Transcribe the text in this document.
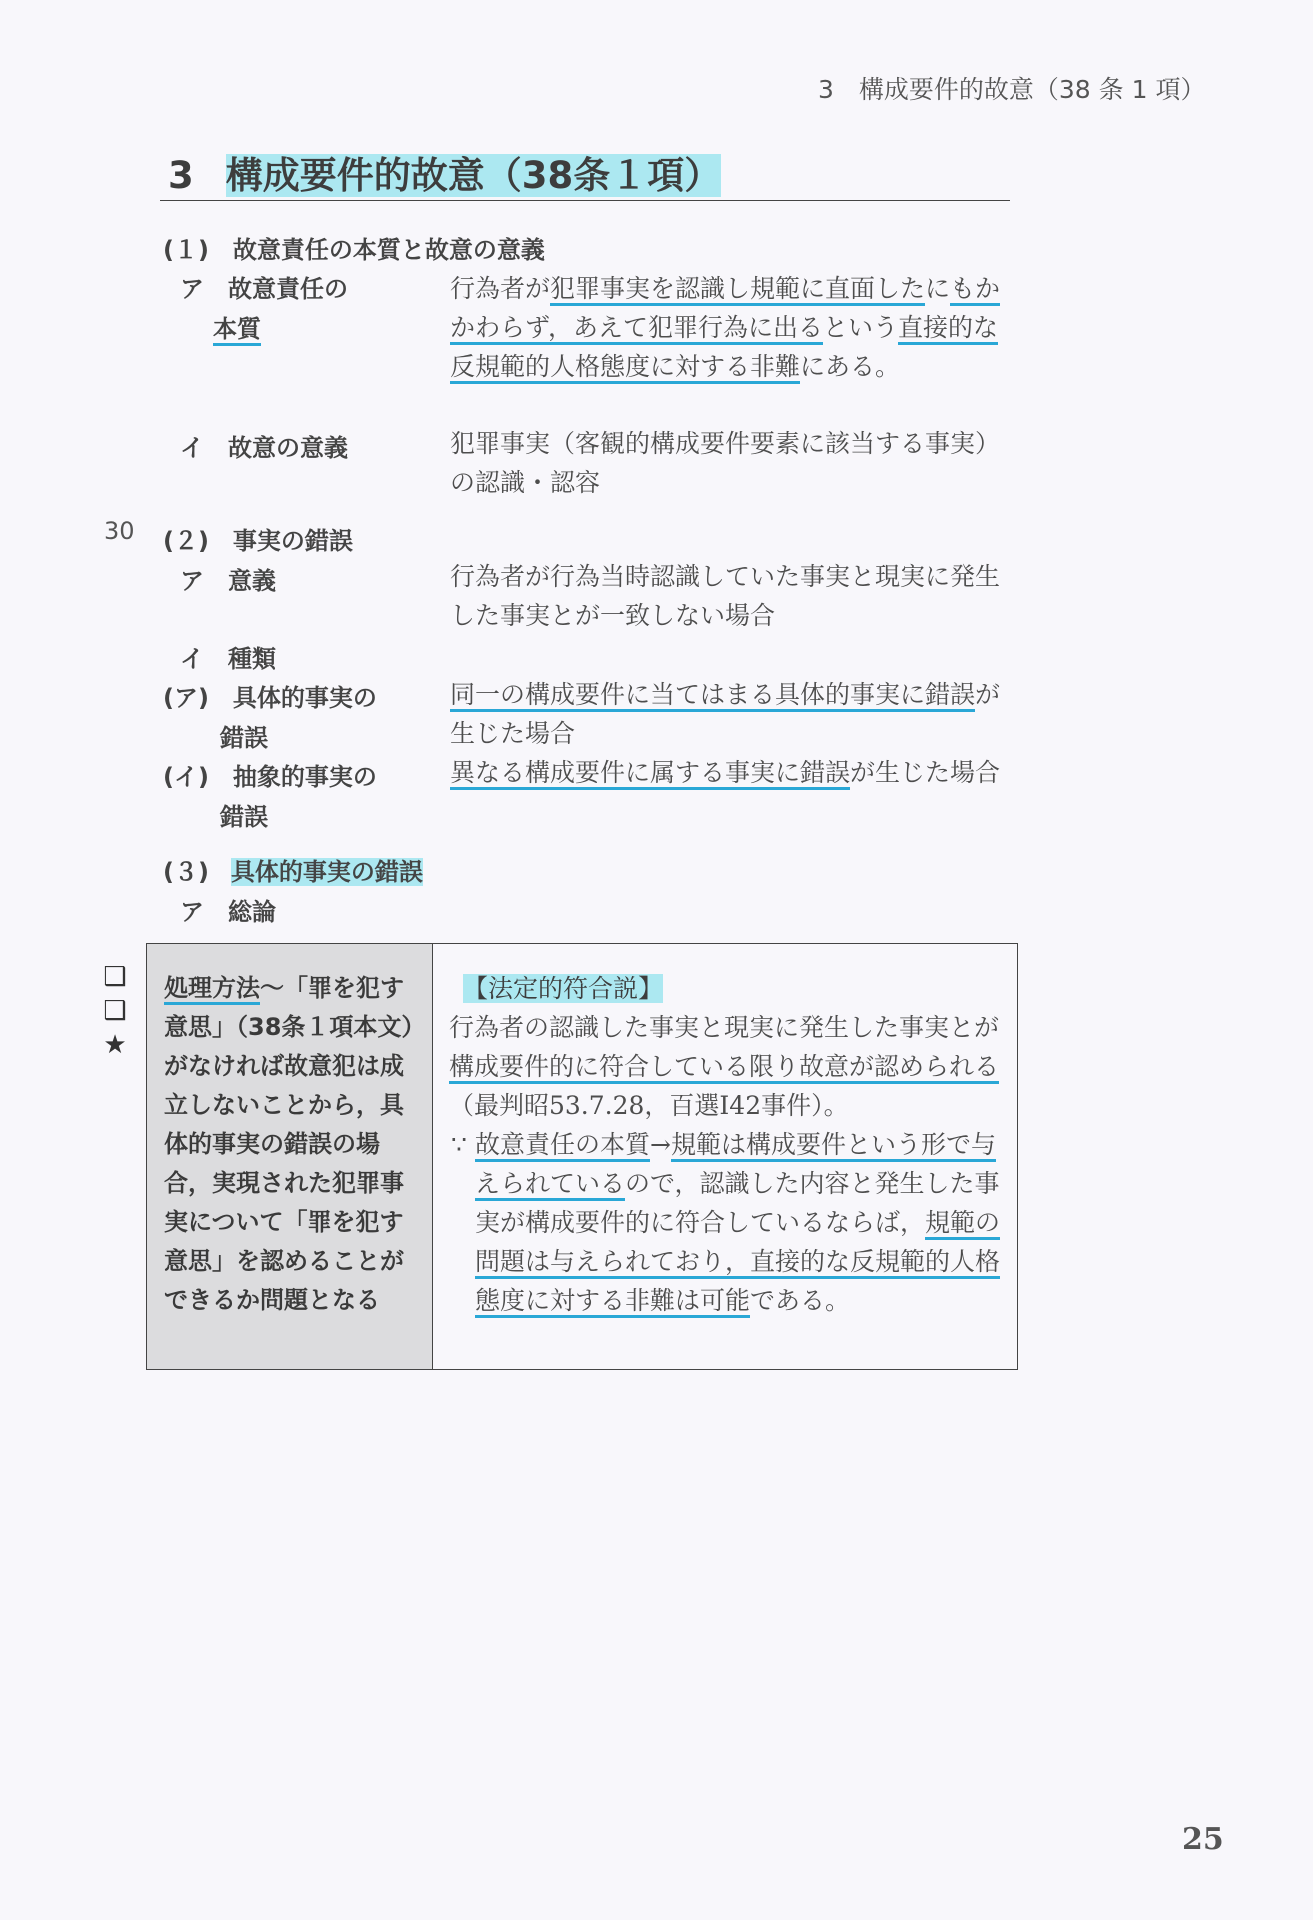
3　構成要件的故意（38 条 1 項）
3 構成要件的故意（38条１項）
(１)　故意責任の本質と故意の意義
ア　故意責任の
本質
行為者が犯罪事実を認識し規範に直面したにもかかわらず，あえて犯罪行為に出るという直接的な反規範的人格態度に対する非難にある。
イ　故意の意義	犯罪事実（客観的構成要件要素に該当する事実）の認識・認容
30 (２)　事実の錯誤
ア　意義	行為者が行為当時認識していた事実と現実に発生した事実とが一致しない場合
イ　種類
(ア)　具体的事実の
錯誤
同一の構成要件に当てはまる具体的事実に錯誤が生じた場合
(イ)　抽象的事実の
錯誤
異なる構成要件に属する事実に錯誤が生じた場合
(３) 具体的事実の錯誤
ア　総論
❑
❑
★
処理方法～「罪を犯す意思」（38条１項本文）がなければ故意犯は成立しないことから，具体的事実の錯誤の場合，実現された犯罪事実について「罪を犯す意思」を認めることができるか問題となる
【法定的符合説】
行為者の認識した事実と現実に発生した事実とが構成要件的に符合している限り故意が認められる（最判昭53.7.28，百選Ⅰ42事件）。
∵ 故意責任の本質→規範は構成要件という形で与えられているので，認識した内容と発生した事実が構成要件的に符合しているならば，規範の問題は与えられており，直接的な反規範的人格態度に対する非難は可能である。
25
